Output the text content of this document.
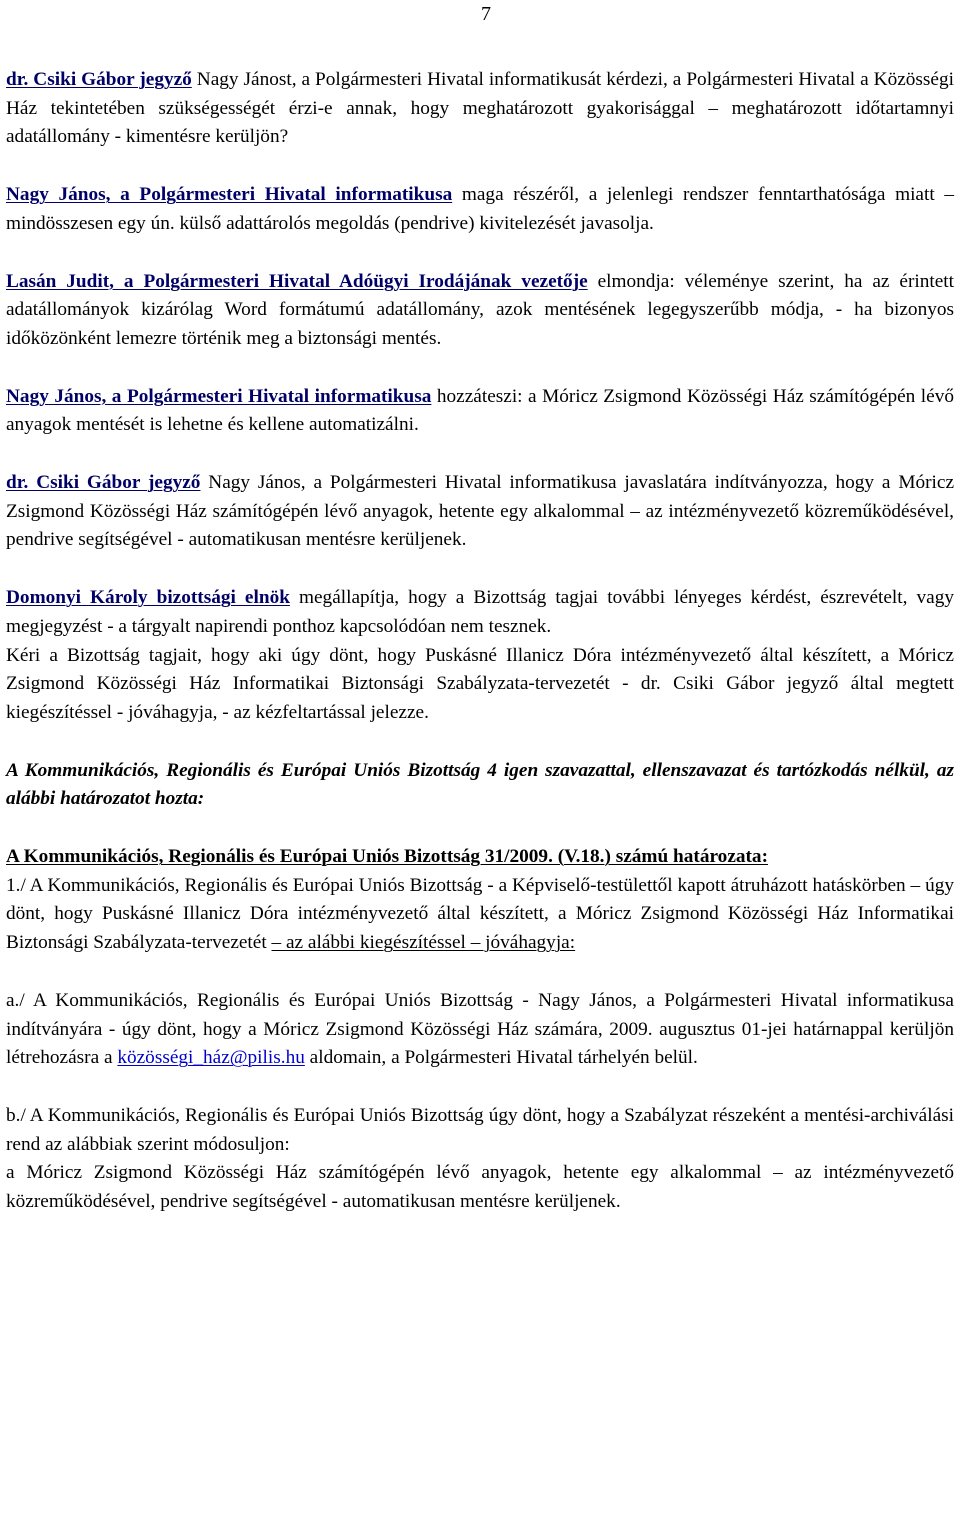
7

dr. Csiki Gábor jegyző Nagy Jánost, a Polgármesteri Hivatal informatikusát kérdezi, a Polgármesteri Hivatal a Közösségi Ház tekintetében szükségességét érzi-e annak, hogy meghatározott gyakorisággal – meghatározott időtartamnyi adatállomány - kimentésre kerüljön?

Nagy János, a Polgármesteri Hivatal informatikusa maga részéről, a jelenlegi rendszer fenntarthatósága miatt – mindösszesen egy ún. külső adattárolós megoldás (pendrive) kivitelezését javasolja.

Lasán Judit, a Polgármesteri Hivatal Adóügyi Irodájának vezetője elmondja: véleménye szerint, ha az érintett adatállományok kizárólag Word formátumú adatállomány, azok mentésének legegyszerűbb módja, - ha bizonyos időközönként lemezre történik meg a biztonsági mentés.

Nagy János, a Polgármesteri Hivatal informatikusa hozzáteszi: a Móricz Zsigmond Közösségi Ház számítógépén lévő anyagok mentését is lehetne és kellene automatizálni.

dr. Csiki Gábor jegyző Nagy János, a Polgármesteri Hivatal informatikusa javaslatára indítványozza, hogy a Móricz Zsigmond Közösségi Ház számítógépén lévő anyagok, hetente egy alkalommal – az intézményvezető közreműködésével, pendrive segítségével - automatikusan mentésre kerüljenek.

Domonyi Károly bizottsági elnök megállapítja, hogy a Bizottság tagjai további lényeges kérdést, észrevételt, vagy megjegyzést - a tárgyalt napirendi ponthoz kapcsolódóan nem tesznek.

Kéri a Bizottság tagjait, hogy aki úgy dönt, hogy Puskásné Illanicz Dóra intézményvezető által készített, a Móricz Zsigmond Közösségi Ház Informatikai Biztonsági Szabályzata-tervezetét - dr. Csiki Gábor jegyző által megtett kiegészítéssel - jóváhagyja, - az kézfeltartással jelezze.

A Kommunikációs, Regionális és Európai Uniós Bizottság 4 igen szavazattal, ellenszavazat és tartózkodás nélkül, az alábbi határozatot hozta:

A Kommunikációs, Regionális és Európai Uniós Bizottság 31/2009. (V.18.) számú határozata:

1./ A Kommunikációs, Regionális és Európai Uniós Bizottság - a Képviselő-testülettől kapott átruházott hatáskörben – úgy dönt, hogy Puskásné Illanicz Dóra intézményvezető által készített, a Móricz Zsigmond Közösségi Ház Informatikai Biztonsági Szabályzata-tervezetét – az alábbi kiegészítéssel – jóváhagyja:

a./ A Kommunikációs, Regionális és Európai Uniós Bizottság - Nagy János, a Polgármesteri Hivatal informatikusa indítványára - úgy dönt, hogy a Móricz Zsigmond Közösségi Ház számára, 2009. augusztus 01-jei határnappal kerüljön létrehozásra a közösségi_ház@pilis.hu aldomain, a Polgármesteri Hivatal tárhelyén belül.

b./ A Kommunikációs, Regionális és Európai Uniós Bizottság úgy dönt, hogy a Szabályzat részeként a mentési-archiválási rend az alábbiak szerint módosuljon:

a Móricz Zsigmond Közösségi Ház számítógépén lévő anyagok, hetente egy alkalommal – az intézményvezető közreműködésével, pendrive segítségével - automatikusan mentésre kerüljenek.
